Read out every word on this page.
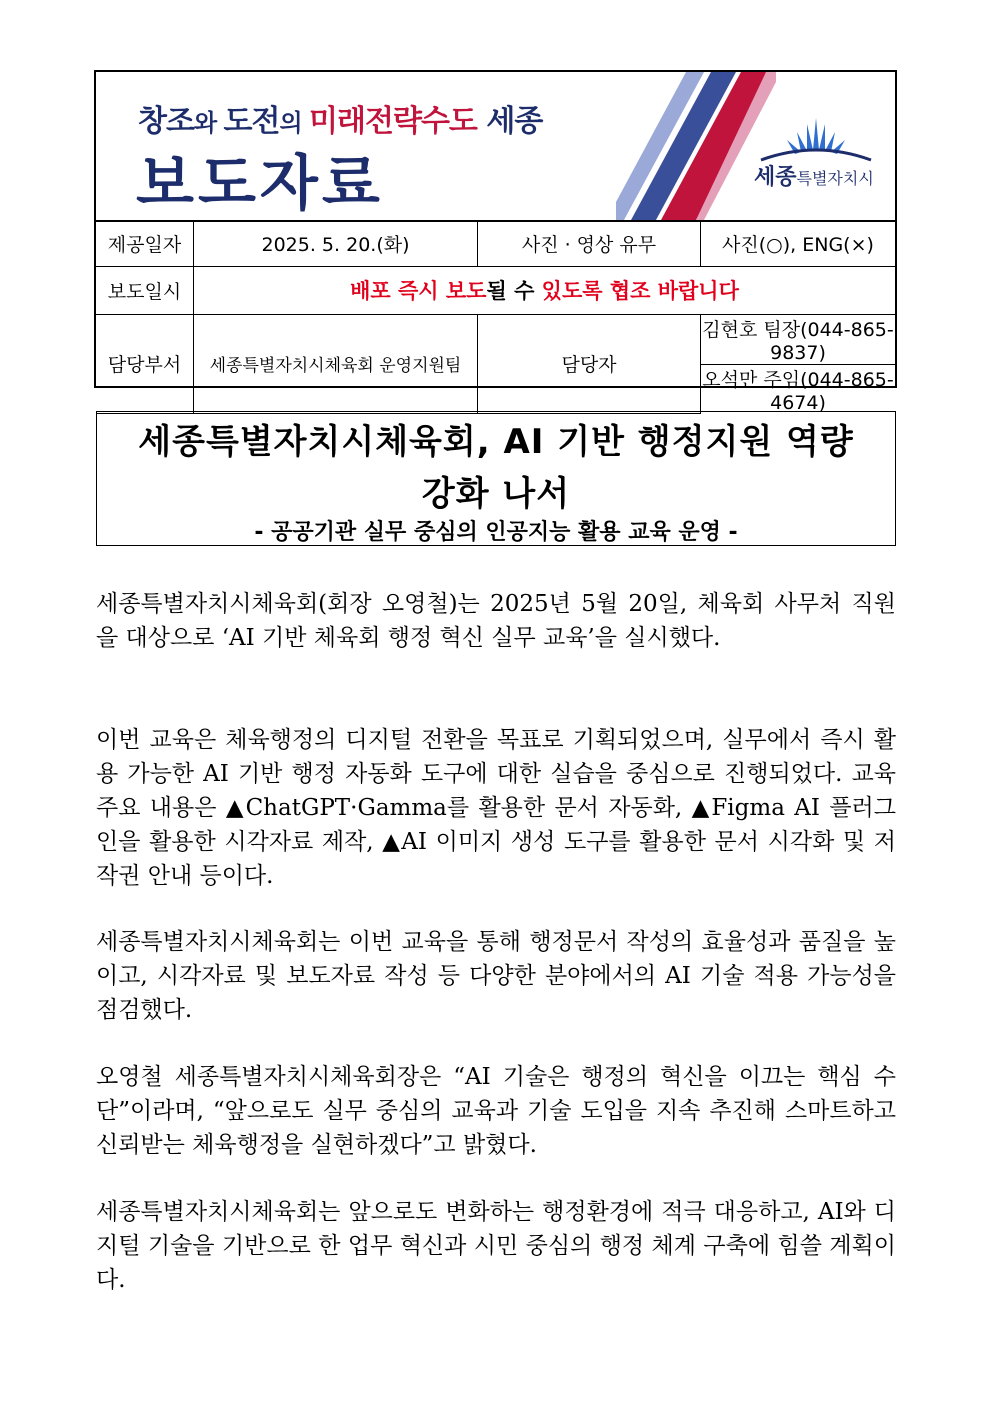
창조와 도전의 미래전략수도 세종
보도자료	세종특별자치시
제공일자	2025. 5. 20.(화)	사진 · 영상 유무	사진(○), ENG(×)
보도일시	배포 즉시 보도될 수 있도록 협조 바랍니다		
담당부서	세종특별자치시체육회 운영지원팀	담당자	김현호 팀장(044-865-9837)
			오석만 주임(044-865-4674)
세종특별자치시체육회, AI 기반 행정지원 역량
강화 나서
- 공공기관 실무 중심의 인공지능 활용 교육 운영 -
세종특별자치시체육회(회장 오영철)는 2025년 5월 20일, 체육회 사무처 직원을 대상으로 ‘AI 기반 체육회 행정 혁신 실무 교육’을 실시했다.
이번 교육은 체육행정의 디지털 전환을 목표로 기획되었으며, 실무에서 즉시 활용 가능한 AI 기반 행정 자동화 도구에 대한 실습을 중심으로 진행되었다. 교육 주요 내용은 ▲ChatGPT·Gamma를 활용한 문서 자동화, ▲Figma AI 플러그인을 활용한 시각자료 제작, ▲AI 이미지 생성 도구를 활용한 문서 시각화 및 저작권 안내 등이다.
세종특별자치시체육회는 이번 교육을 통해 행정문서 작성의 효율성과 품질을 높이고, 시각자료 및 보도자료 작성 등 다양한 분야에서의 AI 기술 적용 가능성을 점검했다.
오영철 세종특별자치시체육회장은 “AI 기술은 행정의 혁신을 이끄는 핵심 수단”이라며, “앞으로도 실무 중심의 교육과 기술 도입을 지속 추진해 스마트하고 신뢰받는 체육행정을 실현하겠다”고 밝혔다.
세종특별자치시체육회는 앞으로도 변화하는 행정환경에 적극 대응하고, AI와 디지털 기술을 기반으로 한 업무 혁신과 시민 중심의 행정 체계 구축에 힘쓸 계획이다.
